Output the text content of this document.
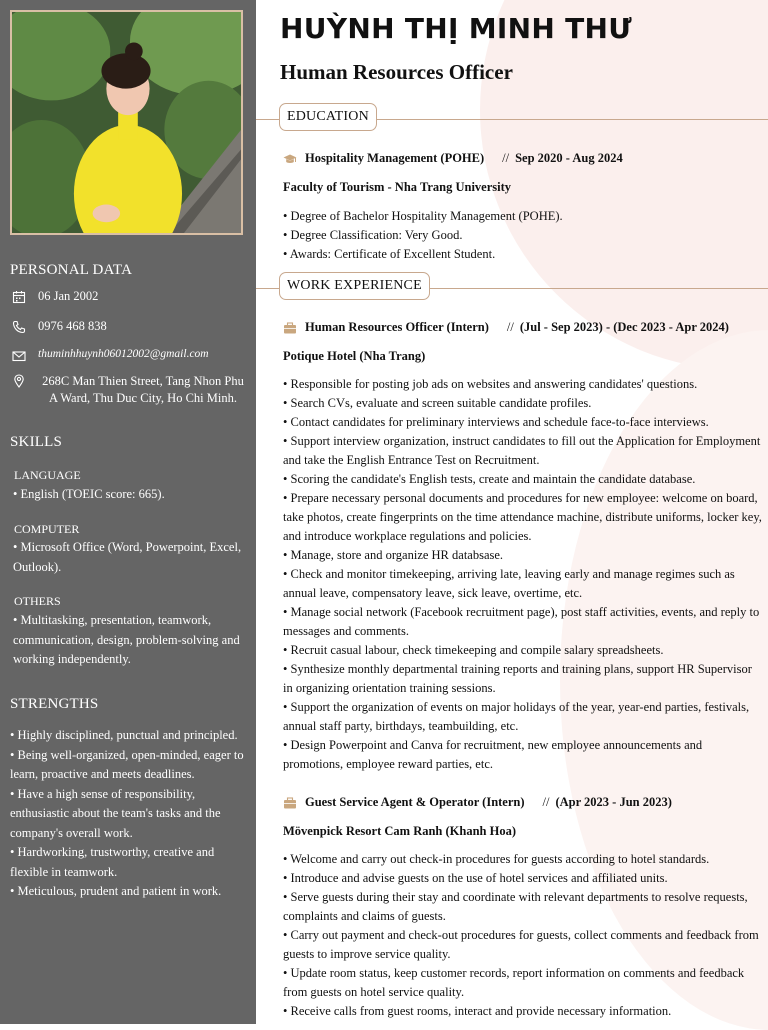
PERSONAL DATA
06 Jan 2002
0976 468 838
thuminhhuynh06012002@gmail.com
268C Man Thien Street, Tang Nhon Phu A Ward, Thu Duc City, Ho Chi Minh.
SKILLS
LANGUAGE

• English (TOEIC score: 665).

COMPUTER

• Microsoft Office (Word, Powerpoint, Excel, Outlook).

OTHERS

• Multitasking, presentation, teamwork, communication, design, problem-solving and working independently.

STRENGTHS
• Highly disciplined, punctual and principled.
• Being well-organized, open-minded, eager to learn, proactive and meets deadlines.
• Have a high sense of responsibility, enthusiastic about the team's tasks and the company's overall work.
• Hardworking, trustworthy, creative and flexible in teamwork.
• Meticulous, prudent and patient in work.
HUỲNH THỊ MINH THƯ
Human Resources Officer
EDUCATION
Hospitality Management (POHE) // Sep 2020 - Aug 2024

Faculty of Tourism - Nha Trang University

• Degree of Bachelor Hospitality Management (POHE).
• Degree Classification: Very Good.
• Awards: Certificate of Excellent Student.
WORK EXPERIENCE
Human Resources Officer (Intern) // (Jul - Sep 2023) - (Dec 2023 - Apr 2024)

Potique Hotel (Nha Trang)

• Responsible for posting job ads on websites and answering candidates' questions.
• Search CVs, evaluate and screen suitable candidate profiles.
• Contact candidates for preliminary interviews and schedule face-to-face interviews.
• Support interview organization, instruct candidates to fill out the Application for Employment and take the English Entrance Test on Recruitment.
• Scoring the candidate's English tests, create and maintain the candidate database.
• Prepare necessary personal documents and procedures for new employee: welcome on board, take photos, create fingerprints on the time attendance machine, distribute uniforms, locker key, and introduce workplace regulations and policies.
• Manage, store and organize HR databsase.
• Check and monitor timekeeping, arriving late, leaving early and manage regimes such as annual leave, compensatory leave, sick leave, overtime, etc.
• Manage social network (Facebook recruitment page), post staff activities, events, and reply to messages and comments.
• Recruit casual labour, check timekeeping and compile salary spreadsheets.
• Synthesize monthly departmental training reports and training plans, support HR Supervisor in organizing orientation training sessions.
• Support the organization of events on major holidays of the year, year-end parties, festivals, annual staff party, birthdays, teambuilding, etc.
• Design Powerpoint and Canva for recruitment, new employee announcements and promotions, employee reward parties, etc.
Guest Service Agent & Operator (Intern) // (Apr 2023 - Jun 2023)

Mövenpick Resort Cam Ranh (Khanh Hoa)

• Welcome and carry out check-in procedures for guests according to hotel standards.
• Introduce and advise guests on the use of hotel services and affiliated units.
• Serve guests during their stay and coordinate with relevant departments to resolve requests, complaints and claims of guests.
• Carry out payment and check-out procedures for guests, collect comments and feedback from guests to improve service quality.
• Update room status, keep customer records, report information on comments and feedback from guests on hotel service quality.
• Receive calls from guest rooms, interact and provide necessary information.
